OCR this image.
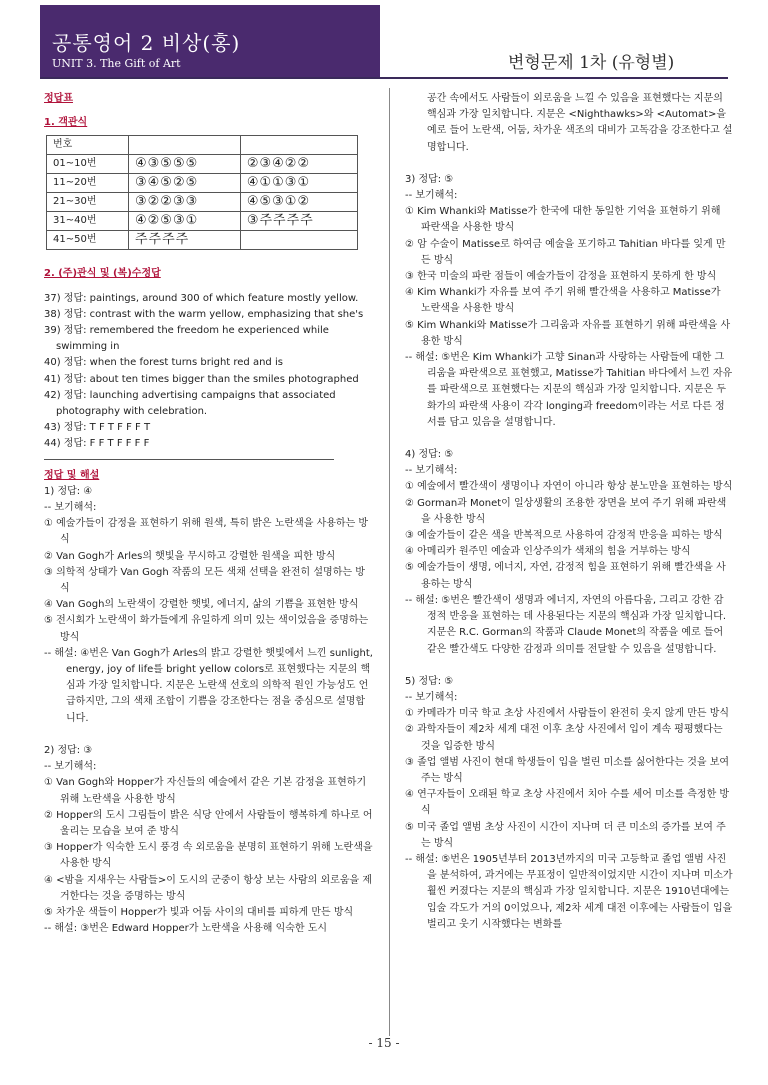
공통영어 2 비상(홍)
UNIT 3. The Gift of Art	변형문제 1차 (유형별)
정답표
1. 객관식
번호		
01~10번	④③⑤⑤⑤	②③④②②
11~20번	③④⑤②⑤	④①①③①
21~30번	③②②③③	④⑤③①②
31~40번	④②⑤③①	③주주주주
41~50번	주주주주	
2. (주)관식 및 (복)수정답
37) 정답: paintings, around 300 of which feature mostly yellow.
38) 정답: contrast with the warm yellow, emphasizing that she's
39) 정답: remembered the freedom he experienced while
swimming in
40) 정답: when the forest turns bright red and is
41) 정답: about ten times bigger than the smiles photographed
42) 정답: launching advertising campaigns that associated
photography with celebration.
43) 정답: T F T F F F T
44) 정답: F F T F F F F
정답 및 해설
1) 정답: ④
-- 보기해석:
① 예술가들이 감정을 표현하기 위해 원색, 특히 밝은 노란색을 사용하는 방식
② Van Gogh가 Arles의 햇빛을 무시하고 강렬한 원색을 피한 방식
③ 의학적 상태가 Van Gogh 작품의 모든 색채 선택을 완전히 설명하는 방식
④ Van Gogh의 노란색이 강렬한 햇빛, 에너지, 삶의 기쁨을 표현한 방식
⑤ 전시회가 노란색이 화가들에게 유일하게 의미 있는 색이었음을 증명하는 방식
-- 해설: ④번은 Van Gogh가 Arles의 밝고 강렬한 햇빛에서 느낀 sunlight, energy, joy of life를 bright yellow colors로 표현했다는 지문의 핵심과 가장 일치합니다. 지문은 노란색 선호의 의학적 원인 가능성도 언급하지만, 그의 색채 조합이 기쁨을 강조한다는 점을 중심으로 설명합니다.
2) 정답: ③
-- 보기해석:
① Van Gogh와 Hopper가 자신들의 예술에서 같은 기본 감정을 표현하기 위해 노란색을 사용한 방식
② Hopper의 도시 그림들이 밝은 식당 안에서 사람들이 행복하게 하나로 어울리는 모습을 보여 준 방식
③ Hopper가 익숙한 도시 풍경 속 외로움을 분명히 표현하기 위해 노란색을 사용한 방식
④ <밤을 지새우는 사람들>이 도시의 군중이 항상 보는 사람의 외로움을 제거한다는 것을 증명하는 방식
⑤ 차가운 색들이 Hopper가 빛과 어둠 사이의 대비를 피하게 만든 방식
-- 해설: ③번은 Edward Hopper가 노란색을 사용해 익숙한 도시
공간 속에서도 사람들이 외로움을 느낄 수 있음을 표현했다는 지문의 핵심과 가장 일치합니다. 지문은 <Nighthawks>와 <Automat>을 예로 들어 노란색, 어둠, 차가운 색조의 대비가 고독감을 강조한다고 설명합니다.
3) 정답: ⑤
-- 보기해석:
① Kim Whanki와 Matisse가 한국에 대한 동일한 기억을 표현하기 위해 파란색을 사용한 방식
② 암 수술이 Matisse로 하여금 예술을 포기하고 Tahitian 바다를 잊게 만든 방식
③ 한국 미술의 파란 점들이 예술가들이 감정을 표현하지 못하게 한 방식
④ Kim Whanki가 자유를 보여 주기 위해 빨간색을 사용하고 Matisse가 노란색을 사용한 방식
⑤ Kim Whanki와 Matisse가 그리움과 자유를 표현하기 위해 파란색을 사용한 방식
-- 해설: ⑤번은 Kim Whanki가 고향 Sinan과 사랑하는 사람들에 대한 그리움을 파란색으로 표현했고, Matisse가 Tahitian 바다에서 느낀 자유를 파란색으로 표현했다는 지문의 핵심과 가장 일치합니다. 지문은 두 화가의 파란색 사용이 각각 longing과 freedom이라는 서로 다른 정서를 담고 있음을 설명합니다.
4) 정답: ⑤
-- 보기해석:
① 예술에서 빨간색이 생명이나 자연이 아니라 항상 분노만을 표현하는 방식
② Gorman과 Monet이 일상생활의 조용한 장면을 보여 주기 위해 파란색을 사용한 방식
③ 예술가들이 같은 색을 반복적으로 사용하여 감정적 반응을 피하는 방식
④ 아메리카 원주민 예술과 인상주의가 색채의 힘을 거부하는 방식
⑤ 예술가들이 생명, 에너지, 자연, 감정적 힘을 표현하기 위해 빨간색을 사용하는 방식
-- 해설: ⑤번은 빨간색이 생명과 에너지, 자연의 아름다움, 그리고 강한 감정적 반응을 표현하는 데 사용된다는 지문의 핵심과 가장 일치합니다. 지문은 R.C. Gorman의 작품과 Claude Monet의 작품을 예로 들어 같은 빨간색도 다양한 감정과 의미를 전달할 수 있음을 설명합니다.
5) 정답: ⑤
-- 보기해석:
① 카메라가 미국 학교 초상 사진에서 사람들이 완전히 웃지 않게 만든 방식
② 과학자들이 제2차 세계 대전 이후 초상 사진에서 입이 계속 평평했다는 것을 입증한 방식
③ 졸업 앨범 사진이 현대 학생들이 입을 벌린 미소를 싫어한다는 것을 보여 주는 방식
④ 연구자들이 오래된 학교 초상 사진에서 치아 수를 세어 미소를 측정한 방식
⑤ 미국 졸업 앨범 초상 사진이 시간이 지나며 더 큰 미소의 증가를 보여 주는 방식
-- 해설: ⑤번은 1905년부터 2013년까지의 미국 고등학교 졸업 앨범 사진을 분석하여, 과거에는 무표정이 일반적이었지만 시간이 지나며 미소가 훨씬 커졌다는 지문의 핵심과 가장 일치합니다. 지문은 1910년대에는 입술 각도가 거의 0이었으나, 제2차 세계 대전 이후에는 사람들이 입을 벌리고 웃기 시작했다는 변화를
- 15 -
